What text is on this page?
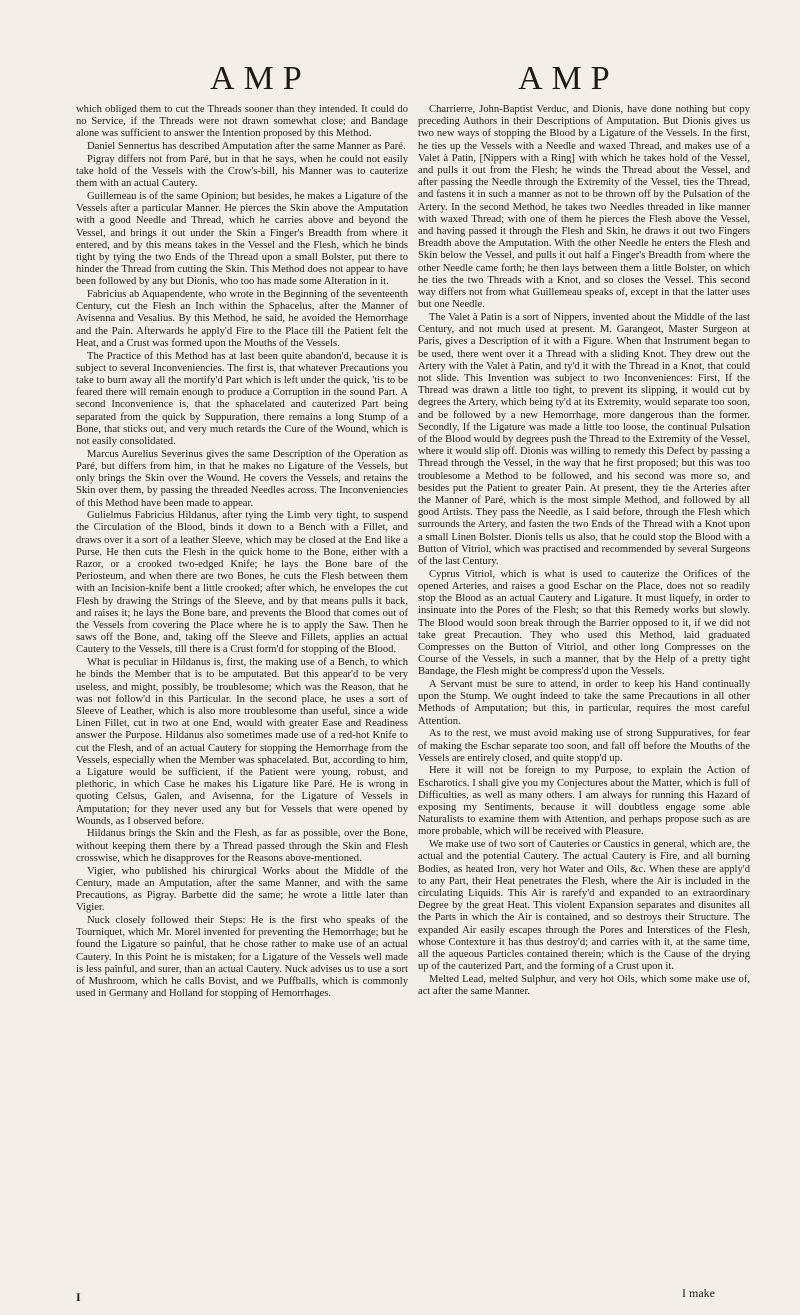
AMP	AMP

which obliged them to cut the Threads sooner than they intended. It could do no Service, if the Threads were not drawn somewhat close; and Bandage alone was sufficient to answer the Intention proposed by this Method.

Daniel Sennertus has described Amputation after the same Manner as Paré.

Pigray differs not from Paré, but in that he says, when he could not easily take hold of the Vessels with the Crow's-bill, his Manner was to cauterize them with an actual Cautery.

Guillemeau is of the same Opinion; but besides, he makes a Ligature of the Vessels after a particular Manner. He pierces the Skin above the Amputation with a good Needle and Thread, which he carries above and beyond the Vessel, and brings it out under the Skin a Finger's Breadth from where it entered, and by this means takes in the Vessel and the Flesh, which he binds tight by tying the two Ends of the Thread upon a small Bolster, put there to hinder the Thread from cutting the Skin. This Method does not appear to have been followed by any but Dionis, who too has made some Alteration in it.

Fabricius ab Aquapendente, who wrote in the Beginning of the seventeenth Century, cut the Flesh an Inch within the Sphacelus, after the Manner of Avisenna and Vesalius. By this Method, he said, he avoided the Hemorrhage and the Pain. Afterwards he apply'd Fire to the Place till the Patient felt the Heat, and a Crust was formed upon the Mouths of the Vessels.

The Practice of this Method has at last been quite abandon'd, because it is subject to several Inconveniencies. The first is, that whatever Precautions you take to burn away all the mortify'd Part which is left under the quick, 'tis to be feared there will remain enough to produce a Corruption in the sound Part. A second Inconvenience is, that the sphacelated and cauterized Part being separated from the quick by Suppuration, there remains a long Stump of a Bone, that sticks out, and very much retards the Cure of the Wound, which is not easily consolidated.

Marcus Aurelius Severinus gives the same Description of the Operation as Paré, but differs from him, in that he makes no Ligature of the Vessels, but only brings the Skin over the Wound. He covers the Vessels, and retains the Skin over them, by passing the threaded Needles across. The Inconveniencies of this Method have been made to appear.

Gulielmus Fabricius Hildanus, after tying the Limb very tight, to suspend the Circulation of the Blood, binds it down to a Bench with a Fillet, and draws over it a sort of a leather Sleeve, which may be closed at the End like a Purse. He then cuts the Flesh in the quick home to the Bone, either with a Razor, or a crooked two-edged Knife; he lays the Bone bare of the Periosteum, and when there are two Bones, he cuts the Flesh between them with an Incision-knife bent a little crooked; after which, he envelopes the cut Flesh by drawing the Strings of the Sleeve, and by that means pulls it back, and raises it; he lays the Bone bare, and prevents the Blood that comes out of the Vessels from covering the Place where he is to apply the Saw. Then he saws off the Bone, and, taking off the Sleeve and Fillets, applies an actual Cautery to the Vessels, till there is a Crust form'd for stopping of the Blood.

What is peculiar in Hildanus is, first, the making use of a Bench, to which he binds the Member that is to be amputated. But this appear'd to be very useless, and might, possibly, be troublesome; which was the Reason, that he was not follow'd in this Particular. In the second place, he uses a sort of Sleeve of Leather, which is also more troublesome than useful, since a wide Linen Fillet, cut in two at one End, would with greater Ease and Readiness answer the Purpose. Hildanus also sometimes made use of a red-hot Knife to cut the Flesh, and of an actual Cautery for stopping the Hemorrhage from the Vessels, especially when the Member was sphacelated. But, according to him, a Ligature would be sufficient, if the Patient were young, robust, and plethoric, in which Case he makes his Ligature like Paré. He is wrong in quoting Celsus, Galen, and Avisenna, for the Ligature of Vessels in Amputation; for they never used any but for Vessels that were opened by Wounds, as I observed before.

Hildanus brings the Skin and the Flesh, as far as possible, over the Bone, without keeping them there by a Thread passed through the Skin and Flesh crosswise, which he disapproves for the Reasons above-mentioned.

Vigier, who published his chirurgical Works about the Middle of the Century, made an Amputation, after the same Manner, and with the same Precautions, as Pigray. Barbette did the same; he wrote a little later than Vigier.

Nuck closely followed their Steps: He is the first who speaks of the Tourniquet, which Mr. Morel invented for preventing the Hemorrhage; but he found the Ligature so painful, that he chose rather to make use of an actual Cautery. In this Point he is mistaken; for a Ligature of the Vessels well made is less painful, and surer, than an actual Cautery. Nuck advises us to use a sort of Mushroom, which he calls Bovist, and we Puffballs, which is commonly used in Germany and Holland for stopping of Hemorrhages.

Charrierre, John-Baptist Verduc, and Dionis, have done nothing but copy preceding Authors in their Descriptions of Amputation. But Dionis gives us two new ways of stopping the Blood by a Ligature of the Vessels. In the first, he ties up the Vessels with a Needle and waxed Thread, and makes use of a Valet à Patin, [Nippers with a Ring] with which he takes hold of the Vessel, and pulls it out from the Flesh; he winds the Thread about the Vessel, and after passing the Needle through the Extremity of the Vessel, ties the Thread, and fastens it in such a manner as not to be thrown off by the Pulsation of the Artery. In the second Method, he takes two Needles threaded in like manner with waxed Thread; with one of them he pierces the Flesh above the Vessel, and having passed it through the Flesh and Skin, he draws it out two Fingers Breadth above the Amputation. With the other Needle he enters the Flesh and Skin below the Vessel, and pulls it out half a Finger's Breadth from where the other Needle came forth; he then lays between them a little Bolster, on which he ties the two Threads with a Knot, and so closes the Vessel. This second way differs not from what Guillemeau speaks of, except in that the latter uses but one Needle.

The Valet à Patin is a sort of Nippers, invented about the Middle of the last Century, and not much used at present. M. Garangeot, Master Surgeon at Paris, gives a Description of it with a Figure. When that Instrument began to be used, there went over it a Thread with a sliding Knot. They drew out the Artery with the Valet à Patin, and ty'd it with the Thread in a Knot, that could not slide. This Invention was subject to two Inconveniences: First, If the Thread was drawn a little too tight, to prevent its slipping, it would cut by degrees the Artery, which being ty'd at its Extremity, would separate too soon, and be followed by a new Hemorrhage, more dangerous than the former. Secondly, If the Ligature was made a little too loose, the continual Pulsation of the Blood would by degrees push the Thread to the Extremity of the Vessel, where it would slip off. Dionis was willing to remedy this Defect by passing a Thread through the Vessel, in the way that he first proposed; but this was too troublesome a Method to be followed, and his second was more so, and besides put the Patient to greater Pain. At present, they tie the Arteries after the Manner of Paré, which is the most simple Method, and followed by all good Artists. They pass the Needle, as I said before, through the Flesh which surrounds the Artery, and fasten the two Ends of the Thread with a Knot upon a small Linen Bolster. Dionis tells us also, that he could stop the Blood with a Button of Vitriol, which was practised and recommended by several Surgeons of the last Century.

Cyprus Vitriol, which is what is used to cauterize the Orifices of the opened Arteries, and raises a good Eschar on the Place, does not so readily stop the Blood as an actual Cautery and Ligature. It must liquefy, in order to insinuate into the Pores of the Flesh; so that this Remedy works but slowly. The Blood would soon break through the Barrier opposed to it, if we did not take great Precaution. They who used this Method, laid graduated Compresses on the Button of Vitriol, and other long Compresses on the Course of the Vessels, in such a manner, that by the Help of a pretty tight Bandage, the Flesh might be compress'd upon the Vessels.

A Servant must be sure to attend, in order to keep his Hand continually upon the Stump. We ought indeed to take the same Precautions in all other Methods of Amputation; but this, in particular, requires the most careful Attention.

As to the rest, we must avoid making use of strong Suppuratives, for fear of making the Eschar separate too soon, and fall off before the Mouths of the Vessels are entirely closed, and quite stopp'd up.

Here it will not be foreign to my Purpose, to explain the Action of Escharotics. I shall give you my Conjectures about the Matter, which is full of Difficulties, as well as many others. I am always for running this Hazard of exposing my Sentiments, because it will doubtless engage some able Naturalists to examine them with Attention, and perhaps propose such as are more probable, which will be received with Pleasure.

We make use of two sort of Cauteries or Caustics in general, which are, the actual and the potential Cautery. The actual Cautery is Fire, and all burning Bodies, as heated Iron, very hot Water and Oils, &c. When these are apply'd to any Part, their Heat penetrates the Flesh, where the Air is included in the circulating Liquids. This Air is rarefy'd and expanded to an extraordinary Degree by the great Heat. This violent Expansion separates and disunites all the Parts in which the Air is contained, and so destroys their Structure. The expanded Air easily escapes through the Pores and Interstices of the Flesh, whose Contexture it has thus destroy'd; and carries with it, at the same time, all the aqueous Particles contained therein; which is the Cause of the drying up of the cauterized Part, and the forming of a Crust upon it.

Melted Lead, melted Sulphur, and very hot Oils, which some make use of, act after the same Manner.

I	I make
